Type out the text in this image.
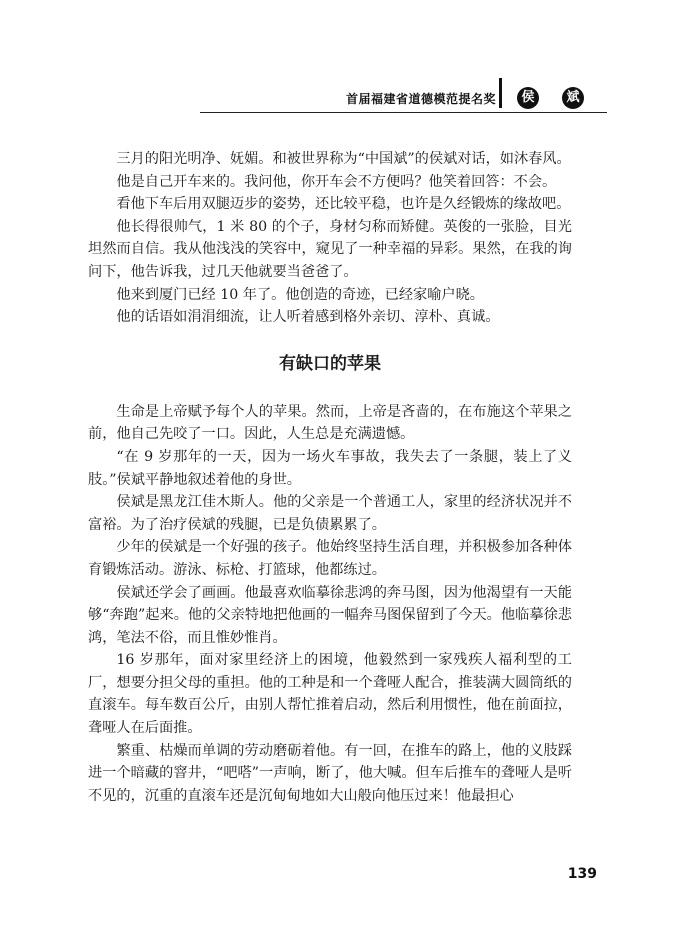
首届福建省道德模范提名奖	侯	斌

三月的阳光明净、妩媚。和被世界称为“中国斌”的侯斌对话，如沐春风。

他是自己开车来的。我问他，你开车会不方便吗？他笑着回答：不会。

看他下车后用双腿迈步的姿势，还比较平稳，也许是久经锻炼的缘故吧。

他长得很帅气，1 米 80 的个子，身材匀称而矫健。英俊的一张脸，目光坦然而自信。我从他浅浅的笑容中，窥见了一种幸福的异彩。果然，在我的询问下，他告诉我，过几天他就要当爸爸了。

他来到厦门已经 10 年了。他创造的奇迹，已经家喻户晓。

他的话语如涓涓细流，让人听着感到格外亲切、淳朴、真诚。

有缺口的苹果

生命是上帝赋予每个人的苹果。然而，上帝是吝啬的，在布施这个苹果之前，他自己先咬了一口。因此，人生总是充满遗憾。

“在 9 岁那年的一天，因为一场火车事故，我失去了一条腿，装上了义肢。”侯斌平静地叙述着他的身世。

侯斌是黑龙江佳木斯人。他的父亲是一个普通工人，家里的经济状况并不富裕。为了治疗侯斌的残腿，已是负债累累了。

少年的侯斌是一个好强的孩子。他始终坚持生活自理，并积极参加各种体育锻炼活动。游泳、标枪、打篮球，他都练过。

侯斌还学会了画画。他最喜欢临摹徐悲鸿的奔马图，因为他渴望有一天能够“奔跑”起来。他的父亲特地把他画的一幅奔马图保留到了今天。他临摹徐悲鸿，笔法不俗，而且惟妙惟肖。

16 岁那年，面对家里经济上的困境，他毅然到一家残疾人福利型的工厂，想要分担父母的重担。他的工种是和一个聋哑人配合，推装满大圆筒纸的直滚车。每车数百公斤，由别人帮忙推着启动，然后利用惯性，他在前面拉，聋哑人在后面推。

繁重、枯燥而单调的劳动磨砺着他。有一回，在推车的路上，他的义肢踩进一个暗藏的窨井，“吧嗒”一声响，断了，他大喊。但车后推车的聋哑人是听不见的，沉重的直滚车还是沉甸甸地如大山般向他压过来！他最担心

139
